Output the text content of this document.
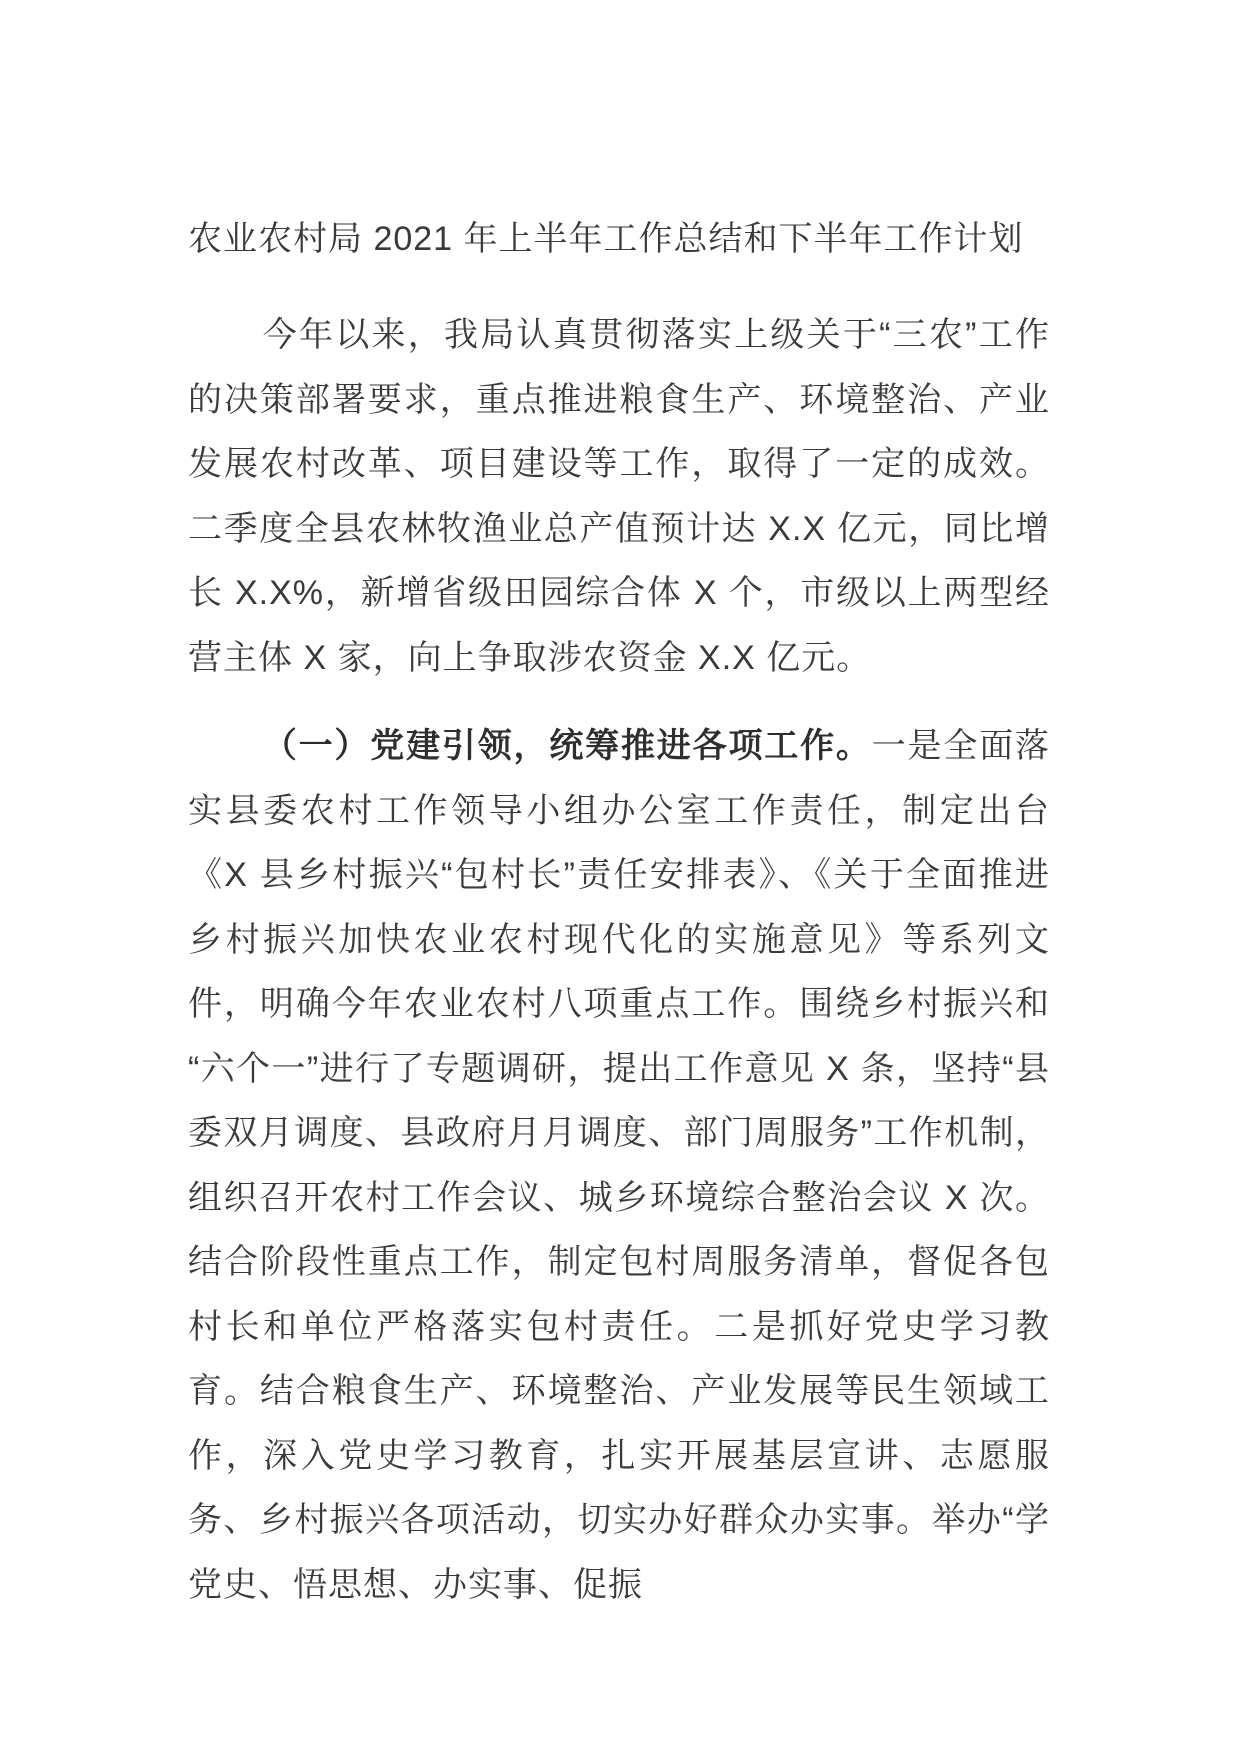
农业农村局 2021 年上半年工作总结和下半年工作计划

今年以来，我局认真贯彻落实上级关于“三农”工作的决策部署要求，重点推进粮食生产、环境整治、产业发展农村改革、项目建设等工作，取得了一定的成效。二季度全县农林牧渔业总产值预计达 X.X 亿元，同比增长 X.X%，新增省级田园综合体 X 个，市级以上两型经营主体 X 家，向上争取涉农资金 X.X 亿元。

（一）党建引领，统筹推进各项工作。一是全面落实县委农村工作领导小组办公室工作责任，制定出台《X 县乡村振兴“包村长”责任安排表》、《关于全面推进乡村振兴加快农业农村现代化的实施意见》等系列文件，明确今年农业农村八项重点工作。围绕乡村振兴和“六个一”进行了专题调研，提出工作意见 X 条，坚持“县委双月调度、县政府月月调度、部门周服务”工作机制，组织召开农村工作会议、城乡环境综合整治会议 X 次。结合阶段性重点工作，制定包村周服务清单，督促各包村长和单位严格落实包村责任。二是抓好党史学习教育。结合粮食生产、环境整治、产业发展等民生领域工作，深入党史学习教育，扎实开展基层宣讲、志愿服务、乡村振兴各项活动，切实办好群众办实事。举办“学党史、悟思想、办实事、促振
